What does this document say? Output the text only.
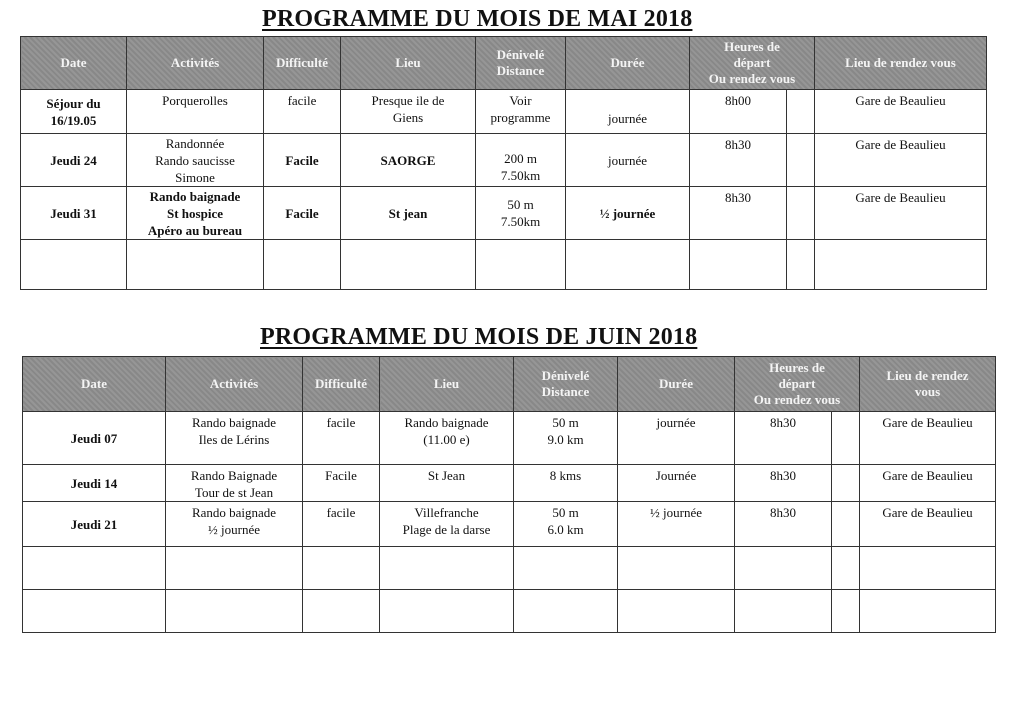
PROGRAMME DU MOIS DE MAI 2018
Date	Activités	Difficulté	Lieu	Dénivelé
Distance	Durée	Heures de
départ
Ou rendez vous		Lieu de rendez vous
Séjour du
16/19.05	Porquerolles	facile	Presque ile de
Giens	Voir
programme	journée	8h00		Gare de Beaulieu
Jeudi 24	Randonnée
Rando saucisse
Simone	Facile	SAORGE	200 m
7.50km	journée	8h30		Gare de Beaulieu
Jeudi 31	Rando baignade
St hospice
Apéro au bureau	Facile	St jean	50 m
7.50km	½ journée	8h30		Gare de Beaulieu

PROGRAMME DU MOIS DE JUIN 2018
Date	Activités	Difficulté	Lieu	Dénivelé
Distance	Durée	Heures de
départ
Ou rendez vous		Lieu de rendez
vous
Jeudi 07	Rando baignade
Iles de Lérins	facile	Rando baignade
(11.00 e)	50 m
9.0 km	journée	8h30		Gare de Beaulieu
Jeudi 14	Rando Baignade
Tour de st Jean	Facile	St Jean	8 kms	Journée	8h30		Gare de Beaulieu
Jeudi 21	Rando baignade
½ journée	facile	Villefranche
Plage de la darse	50 m
6.0 km	½ journée	8h30		Gare de Beaulieu
